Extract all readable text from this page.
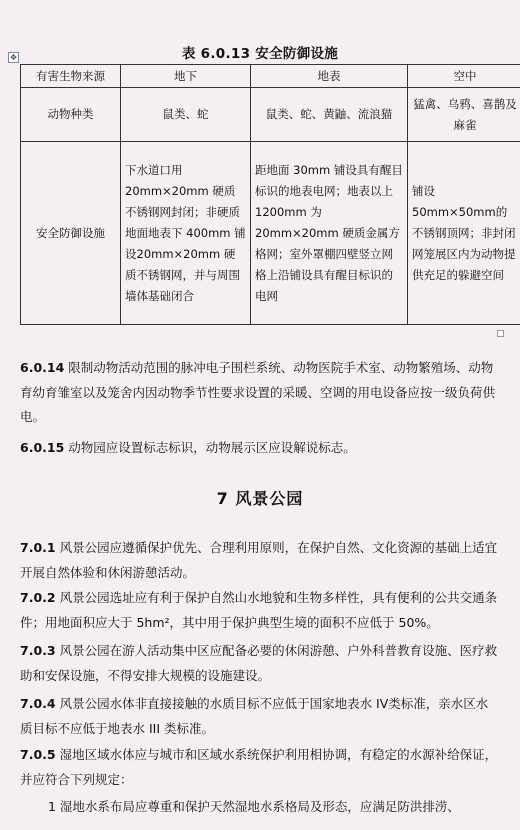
✥	表 6.0.13 安全防御设施
有害生物来源	地下	地表	空中
动物种类	鼠类、蛇	鼠类、蛇、黄鼬、流浪猫	猛禽、乌鸦、喜鹊及麻雀
安全防御设施	下水道口用20mm×20mm 硬质不锈钢网封闭；非硬质地面地表下 400mm 铺设20mm×20mm 硬质不锈钢网，并与周围墙体基础闭合	距地面 30mm 铺设具有醒目标识的地表电网；地表以上1200mm 为 20mm×20mm 硬质金属方格网；室外罩棚四壁竖立网格上沿铺设具有醒目标识的电网	铺设 50mm×50mm的不锈钢顶网；非封闭网笼展区内为动物提供充足的躲避空间

6.0.14 限制动物活动范围的脉冲电子围栏系统、动物医院手术室、动物繁殖场、动物育幼育雏室以及笼舍内因动物季节性要求设置的采暖、空调的用电设备应按一级负荷供电。

6.0.15 动物园应设置标志标识，动物展示区应设解说标志。

7 风景公园

7.0.1 风景公园应遵循保护优先、合理利用原则，在保护自然、文化资源的基础上适宜开展自然体验和休闲游憩活动。

7.0.2 风景公园选址应有利于保护自然山水地貌和生物多样性，具有便利的公共交通条件；用地面积应大于 5hm²，其中用于保护典型生境的面积不应低于 50%。

7.0.3 风景公园在游人活动集中区应配备必要的休闲游憩、户外科普教育设施、医疗救助和安保设施，不得安排大规模的设施建设。

7.0.4 风景公园水体非直接接触的水质目标不应低于国家地表水 IV类标准，亲水区水质目标不应低于地表水 III 类标准。

7.0.5 湿地区域水体应与城市和区域水系统保护利用相协调，有稳定的水源补给保证，并应符合下列规定：

1 湿地水系布局应尊重和保护天然湿地水系格局及形态，应满足防洪排涝、
